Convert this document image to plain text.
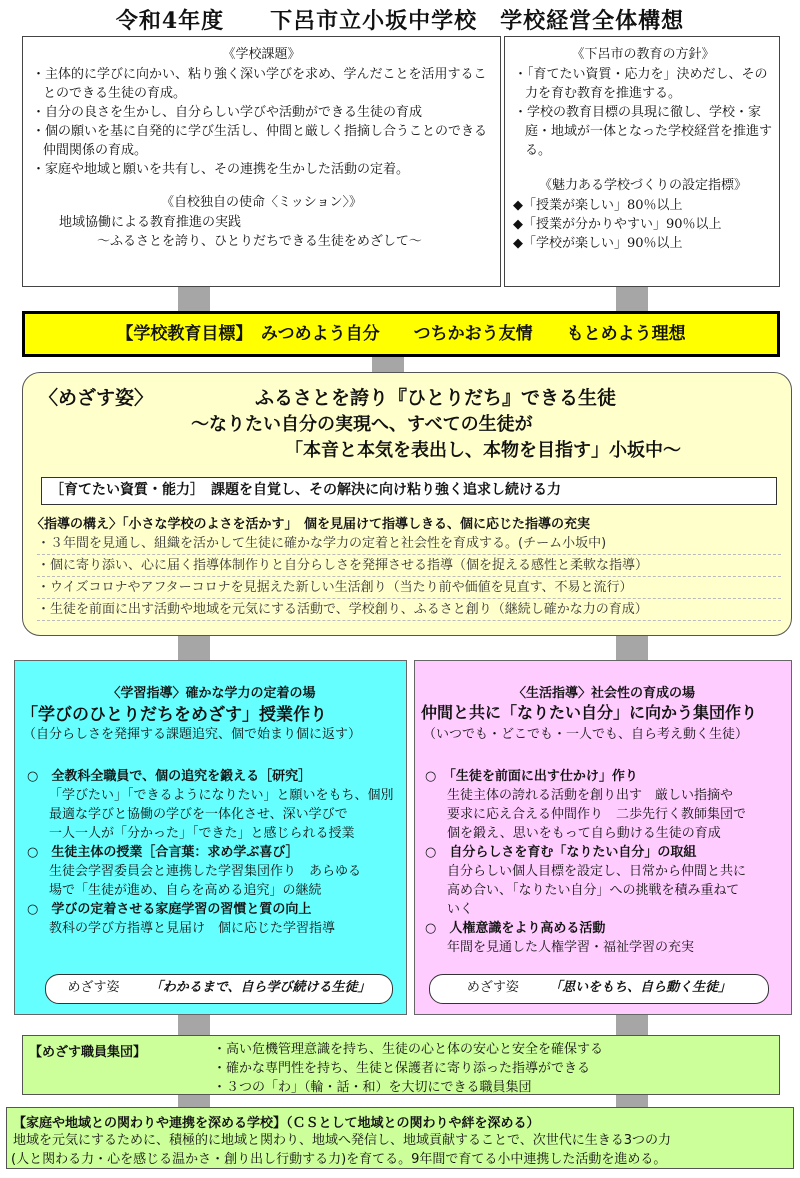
令和4年度　　下呂市立小坂中学校　学校経営全体構想
《学校課題》
・主体的に学びに向かい、粘り強く深い学びを求め、学んだことを活用することのできる生徒の育成。
・自分の良さを生かし、自分らしい学びや活動ができる生徒の育成
・個の願いを基に自発的に学び生活し、仲間と厳しく指摘し合うことのできる仲間関係の育成。
・家庭や地域と願いを共有し、その連携を生かした活動の定着。
《自校独自の使命〈ミッション〉》
地域協働による教育推進の実践
～ふるさとを誇り、ひとりだちできる生徒をめざして～
《下呂市の教育の方針》
・「育てたい資質・応力を」決めだし、その力を育む教育を推進する。
・学校の教育目標の具現に徹し、学校・家庭・地域が一体となった学校経営を推進する。
《魅力ある学校づくりの設定指標》
◆「授業が楽しい」80％以上
◆「授業が分かりやすい」90％以上
◆「学校が楽しい」90％以上
【学校教育目標】　みつめよう自分　　つちかおう友情　　もとめよう理想
〈めざす姿〉	ふるさとを誇り『ひとりだち』できる生徒
～なりたい自分の実現へ、すべての生徒が
「本音と本気を表出し、本物を目指す」小坂中～
［育てたい資質・能力］　課題を自覚し、その解決に向け粘り強く追求し続ける力
〈指導の構え〉「小さな学校のよさを活かす」　個を見届けて指導しきる、個に応じた指導の充実
・３年間を見通し、組織を活かして生徒に確かな学力の定着と社会性を育成する。(チーム小坂中)
・個に寄り添い、心に届く指導体制作りと自分らしさを発揮させる指導（個を捉える感性と柔軟な指導）
・ウイズコロナやアフターコロナを見据えた新しい生活創り（当たり前や価値を見直す、不易と流行）
・生徒を前面に出す活動や地域を元気にする活動で、学校創り、ふるさと創り（継続し確かな力の育成）
〈学習指導〉確かな学力の定着の場
「学びのひとりだちをめざす」授業作り
（自分らしさを発揮する課題追究、個で始まり個に返す）
○　全教科全職員で、個の追究を鍛える［研究］
「学びたい」「できるようになりたい」と願いをもち、個別
最適な学びと協働の学びを一体化させ、深い学びで
一人一人が「分かった」「できた」と感じられる授業
○　生徒主体の授業［合言葉：求め学ぶ喜び］
生徒会学習委員会と連携した学習集団作り　あらゆる
場で「生徒が進め、自らを高める追究」の継続
○　学びの定着させる家庭学習の習慣と質の向上
教科の学び方指導と見届け　個に応じた学習指導
めざす姿 「わかるまで、自ら学び続ける生徒」
〈生活指導〉社会性の育成の場
仲間と共に「なりたい自分」に向かう集団作り
（いつでも・どこでも・一人でも、自ら考え動く生徒）
○　「生徒を前面に出す仕かけ」作り
生徒主体の誇れる活動を創り出す　厳しい指摘や
要求に応え合える仲間作り　二歩先行く教師集団で
個を鍛え、思いをもって自ら動ける生徒の育成
○　自分らしさを育む「なりたい自分」の取組
自分らしい個人目標を設定し、日常から仲間と共に
高め合い、「なりたい自分」への挑戦を積み重ねて
いく
○　人権意識をより高める活動
年間を見通した人権学習・福祉学習の充実
めざす姿 「思いをもち、自ら動く生徒」
【めざす職員集団】	・高い危機管理意識を持ち、生徒の心と体の安心と安全を確保する
・確かな専門性を持ち、生徒と保護者に寄り添った指導ができる
・３つの「わ」（輪・話・和）を大切にできる職員集団
【家庭や地域との関わりや連携を深める学校】（ＣＳとして地域との関わりや絆を深める）
地域を元気にするために、積極的に地域と関わり、地域へ発信し、地域貢献することで、次世代に生きる3つの力
(人と関わる力・心を感じる温かさ・創り出し行動する力)を育てる。9年間で育てる小中連携した活動を進める。
